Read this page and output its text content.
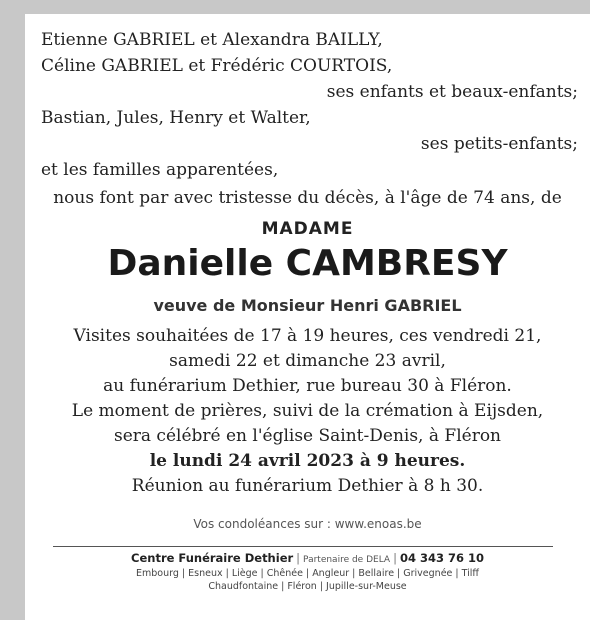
Etienne GABRIEL et Alexandra BAILLY,
Céline GABRIEL et Frédéric COURTOIS,
ses enfants et beaux-enfants;
Bastian, Jules, Henry et Walter,
ses petits-enfants;
et les familles apparentées,
nous font par avec tristesse du décès, à l'âge de 74 ans, de
MADAME
Danielle CAMBRESY
veuve de Monsieur Henri GABRIEL
Visites souhaitées de 17 à 19 heures, ces vendredi 21,
samedi 22 et dimanche 23 avril,
au funérarium Dethier, rue bureau 30 à Fléron.
Le moment de prières, suivi de la crémation à Eijsden,
sera célébré en l'église Saint-Denis, à Fléron
le lundi 24 avril 2023 à 9 heures.
Réunion au funérarium Dethier à 8 h 30.
Vos condoléances sur : www.enoas.be
Centre Funéraire Dethier | Partenaire de DELA | 04 343 76 10
Embourg | Esneux | Liège | Chênée | Angleur | Bellaire | Grivegnée | Tilff
Chaudfontaine | Fléron | Jupille-sur-Meuse
